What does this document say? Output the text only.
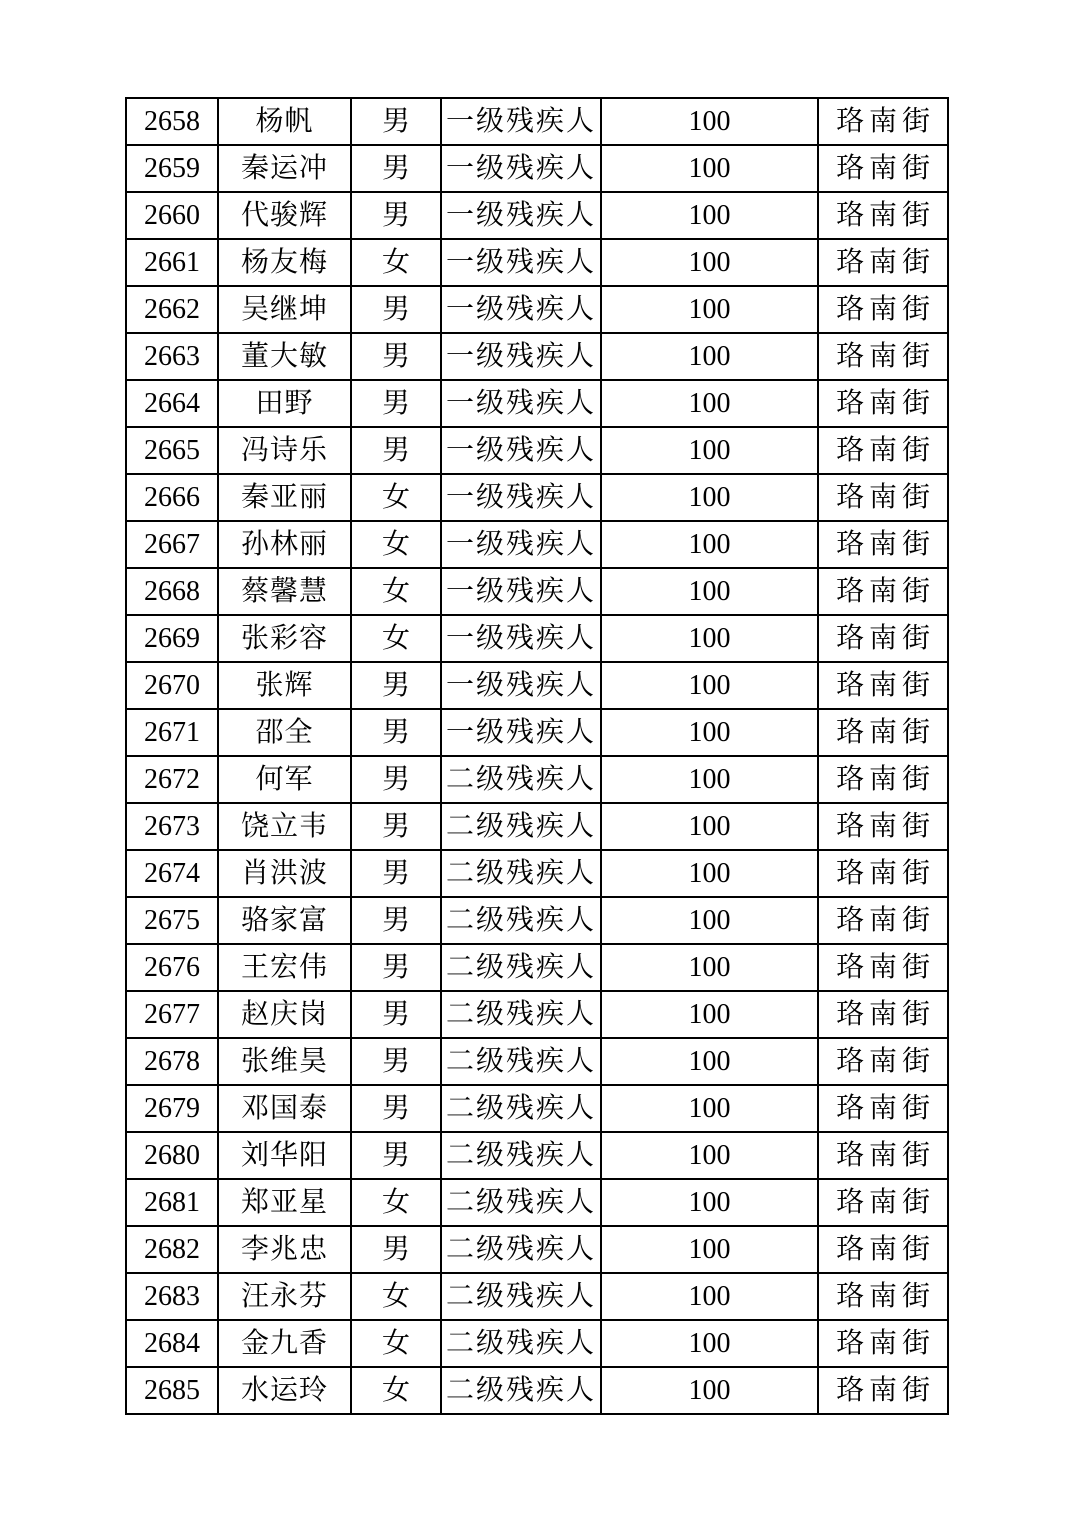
2658	杨帆	男	一级残疾人	100	珞南街
2659	秦运冲	男	一级残疾人	100	珞南街
2660	代骏辉	男	一级残疾人	100	珞南街
2661	杨友梅	女	一级残疾人	100	珞南街
2662	吴继坤	男	一级残疾人	100	珞南街
2663	董大敏	男	一级残疾人	100	珞南街
2664	田野	男	一级残疾人	100	珞南街
2665	冯诗乐	男	一级残疾人	100	珞南街
2666	秦亚丽	女	一级残疾人	100	珞南街
2667	孙林丽	女	一级残疾人	100	珞南街
2668	蔡馨慧	女	一级残疾人	100	珞南街
2669	张彩容	女	一级残疾人	100	珞南街
2670	张辉	男	一级残疾人	100	珞南街
2671	邵全	男	一级残疾人	100	珞南街
2672	何军	男	二级残疾人	100	珞南街
2673	饶立韦	男	二级残疾人	100	珞南街
2674	肖洪波	男	二级残疾人	100	珞南街
2675	骆家富	男	二级残疾人	100	珞南街
2676	王宏伟	男	二级残疾人	100	珞南街
2677	赵庆岗	男	二级残疾人	100	珞南街
2678	张维昊	男	二级残疾人	100	珞南街
2679	邓国泰	男	二级残疾人	100	珞南街
2680	刘华阳	男	二级残疾人	100	珞南街
2681	郑亚星	女	二级残疾人	100	珞南街
2682	李兆忠	男	二级残疾人	100	珞南街
2683	汪永芬	女	二级残疾人	100	珞南街
2684	金九香	女	二级残疾人	100	珞南街
2685	水运玲	女	二级残疾人	100	珞南街
